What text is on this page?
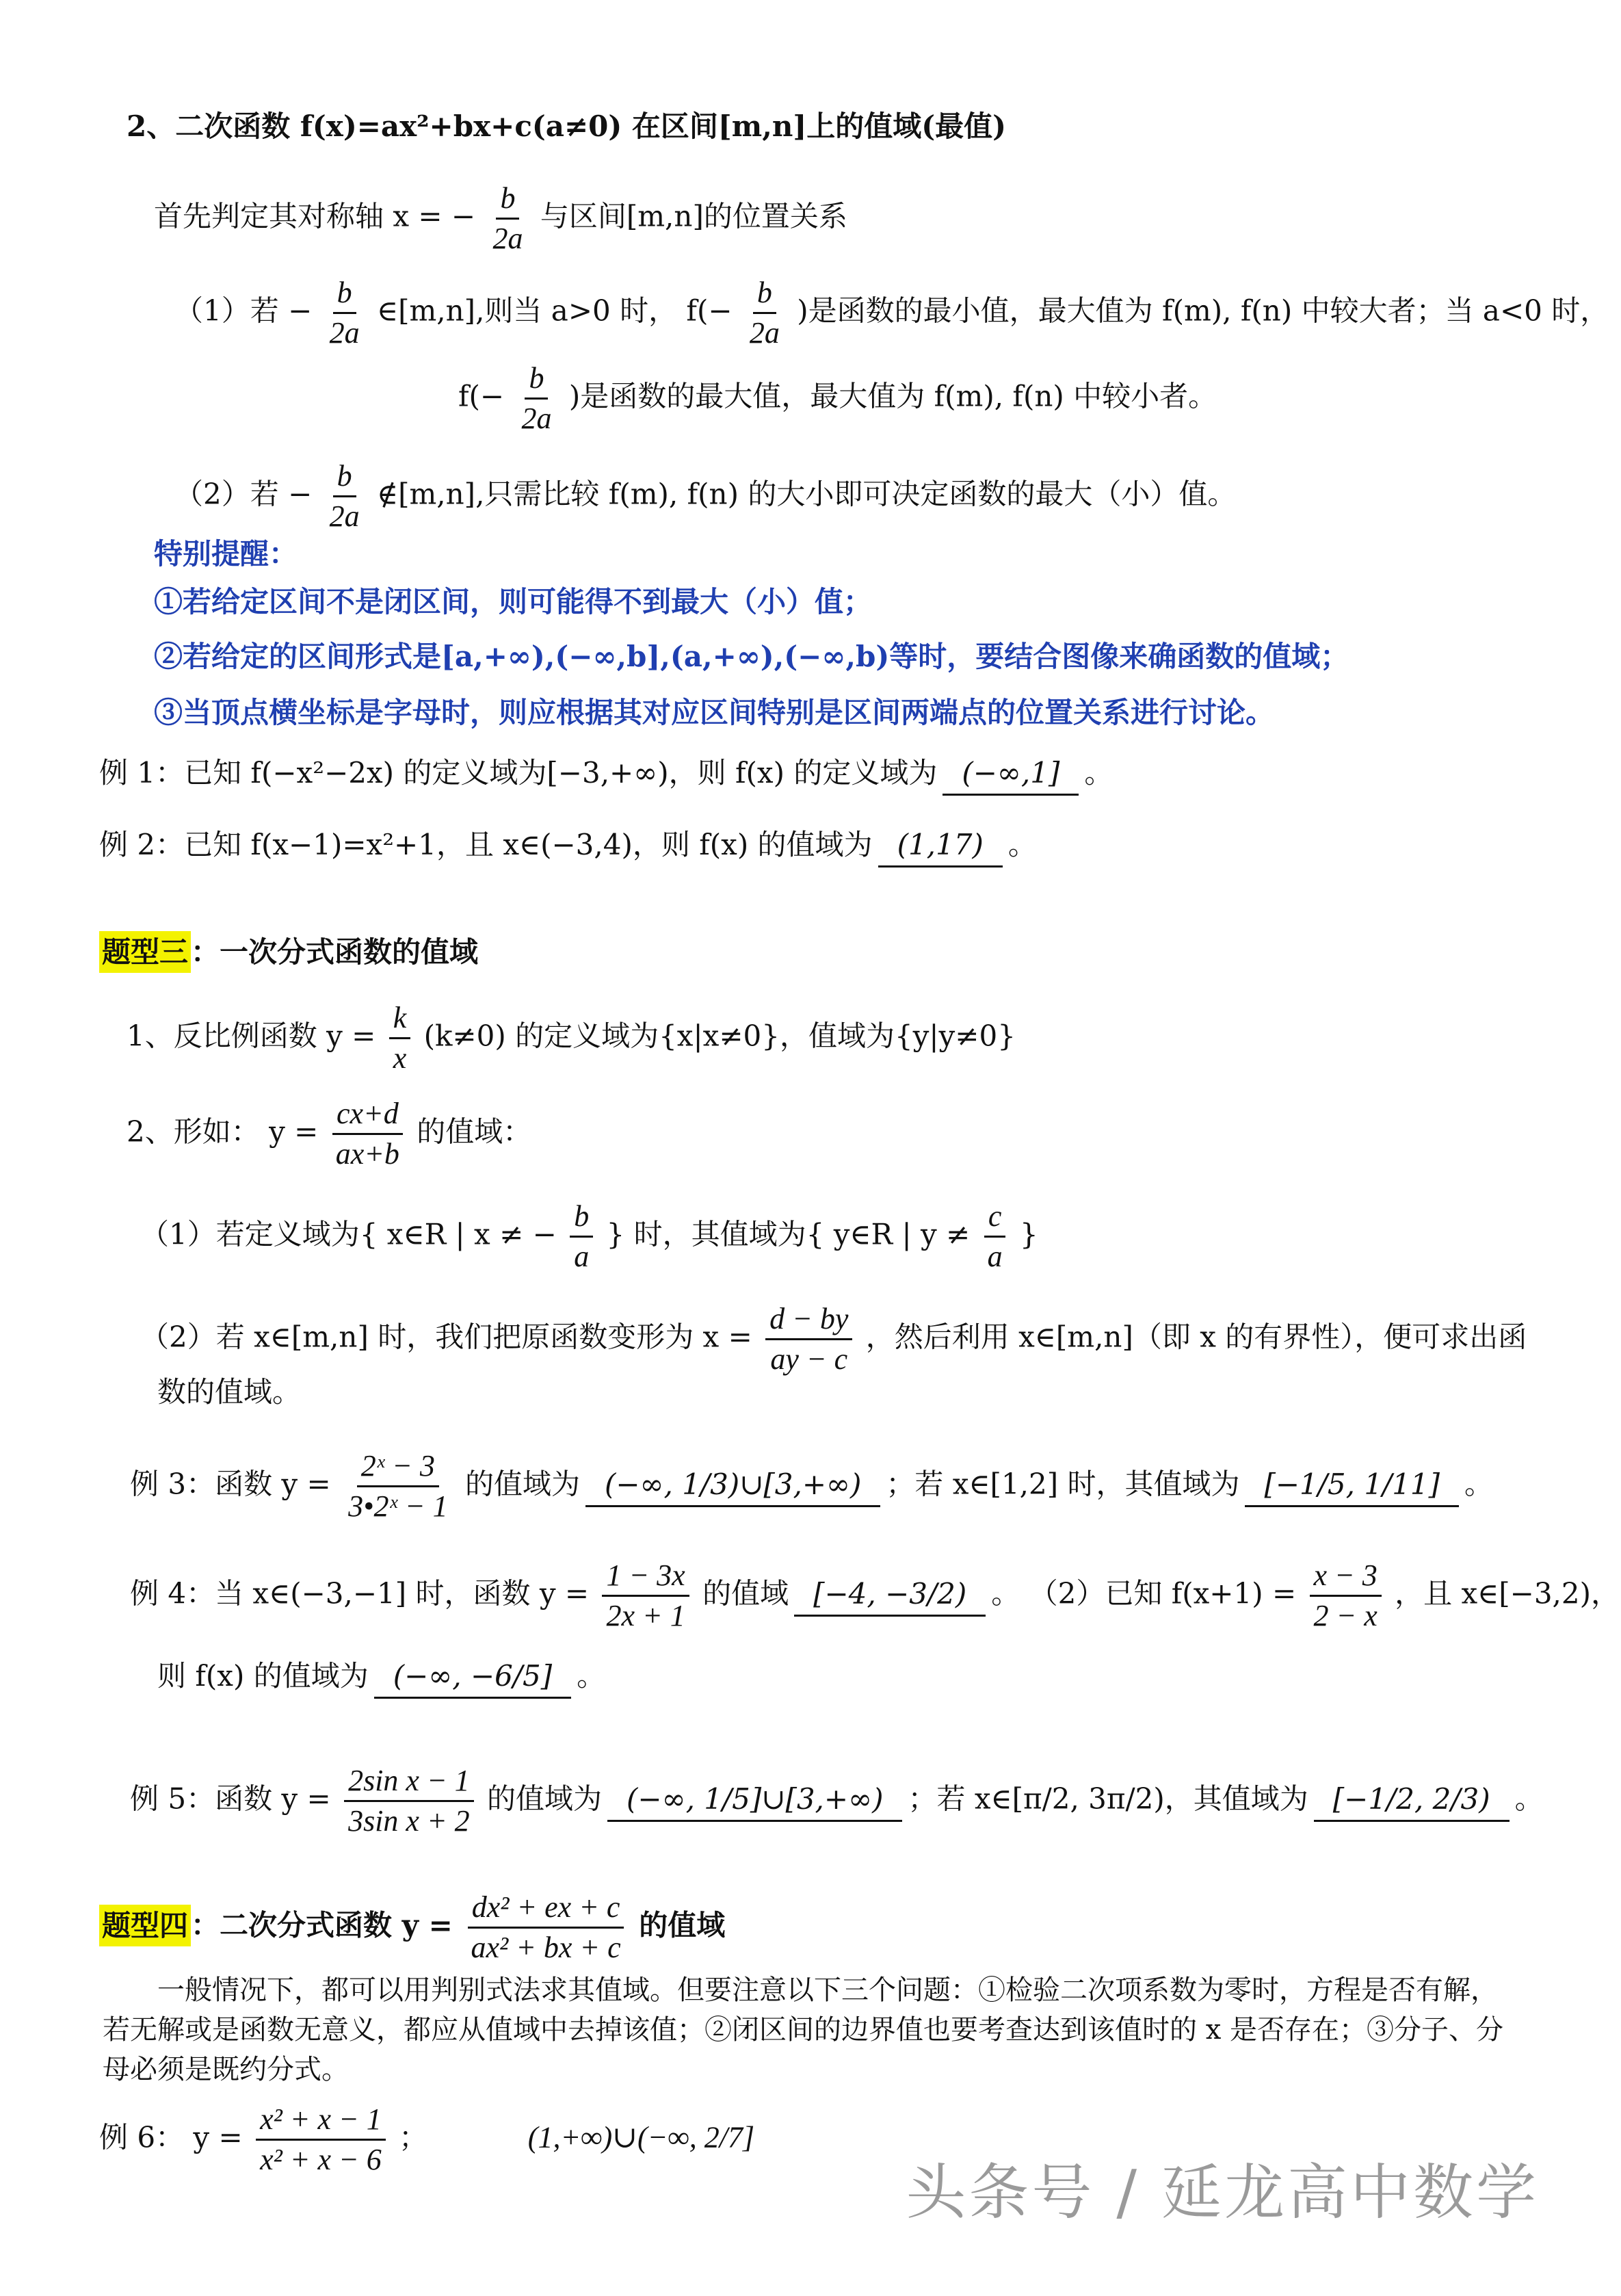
2、二次函数 f(x)=ax²+bx+c(a≠0) 在区间[m,n]上的值域(最值)
首先判定其对称轴 x = − $\frac{b}{2a}$ 与区间[m,n]的位置关系
（1）若 − $\frac{b}{2a}$ ∈[m,n],则当 a>0 时， $f(- \frac{b}{2a}$ )是函数的最小值，最大值为 f(m), f(n) 中较大者；当 a<0 时，
$f(- \frac{b}{2a}$ )是函数的最大值，最大值为 f(m), f(n) 中较小者。
（2）若 − $\frac{b}{2a}$ ∉[m,n],只需比较 f(m), f(n) 的大小即可决定函数的最大（小）值。
特别提醒：
①若给定区间不是闭区间，则可能得不到最大（小）值；
②若给定的区间形式是[a,+∞),(−∞,b],(a,+∞),(−∞,b)等时，要结合图像来确函数的值域；
③当顶点横坐标是字母时，则应根据其对应区间特别是区间两端点的位置关系进行讨论。
例 1：已知 f(−x²−2x) 的定义域为[−3,+∞)，则 f(x) 的定义域为 (−∞,1] 。
例 2：已知 f(x−1)=x²+1，且 x∈(−3,4)，则 f(x) 的值域为 (1,17) 。
题型三：一次分式函数的值域
1、反比例函数 $y = \frac{k}{x} (k\ne 0)$ 的定义域为{x|x≠0}，值域为{y|y≠0}
2、形如： $y = \frac{cx+d}{ax+b}$ 的值域：
（1）若定义域为{ x∈R | x ≠ − $\frac{b}{a}$ } 时，其值域为{ y∈R | $y \ne \frac{c}{a}$ }
（2）若 x∈[m,n] 时，我们把原函数变形为 $x = \frac{d - by}{ay - c}$ ，然后利用 x∈[m,n]（即 x 的有界性），便可求出函
数的值域。
例 3：函数 $y = \frac{\text{2ˣ − 3}}{\text{3•2ˣ − 1}}$ 的值域为 (−∞, 1/3)∪[3,+∞) ；若 x∈[1,2] 时，其值域为 [−1/5, 1/11] 。
例 4：当 x∈(−3,−1] 时，函数 $y = \frac{1 - 3x}{2x + 1}$ 的值域 [−4, −3/2) 。 （2）已知 $f(x+1) = \frac{x - 3}{2 - x}$ ，且 x∈[−3,2)，
则 f(x) 的值域为 (−∞, −6/5] 。
例 5：函数 $y = \frac{\text{2sin x − 1}}{\text{3sin x + 2}}$ 的值域为 (−∞, 1/5]∪[3,+∞) ；若 x∈[π/2, 3π/2)，其值域为 [−1/2, 2/3) 。
题型四：二次分式函数 $y = \frac{\text{dx² + ex + c}}{\text{ax² + bx + c}}$ 的值域
一般情况下，都可以用判别式法求其值域。但要注意以下三个问题：①检验二次项系数为零时，方程是否有解，若无解或是函数无意义，都应从值域中去掉该值；②闭区间的边界值也要考查达到该值时的 x 是否存在；③分子、分母必须是既约分式。
例 6： $y = \frac{\text{x² + x − 1}}{\text{x² + x − 6}}$ ；	(1,+∞)∪(−∞, 2/7]
头条号 / 延龙高中数学
